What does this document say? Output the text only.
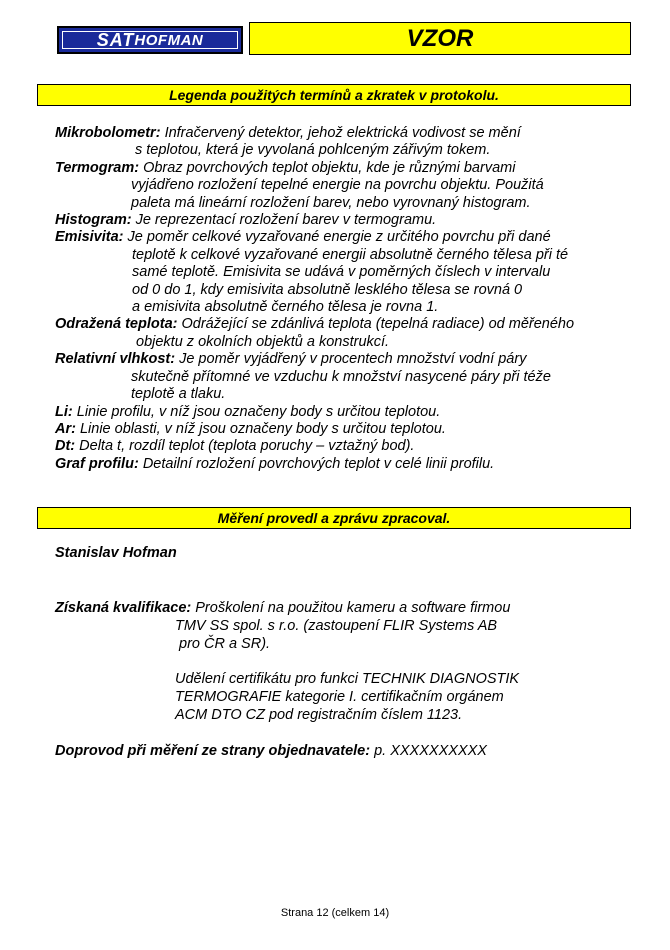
SAT HOFMAN	VZOR
Legenda použitých termínů a zkratek v protokolu.
Mikrobolometr: Infračervený detektor, jehož elektrická vodivost se mění
s teplotou, která je vyvolaná pohlceným zářivým tokem.
Termogram: Obraz povrchových teplot objektu, kde je různými barvami
vyjádřeno rozložení tepelné energie na povrchu objektu. Použitá
paleta má lineární rozložení barev, nebo vyrovnaný histogram.
Histogram: Je reprezentací rozložení barev v termogramu.
Emisivita: Je poměr celkové vyzařované energie z určitého povrchu při dané
teplotě k celkové vyzařované energii absolutně černého tělesa při té
samé teplotě. Emisivita se udává v poměrných číslech v intervalu
od 0 do 1, kdy emisivita absolutně lesklého tělesa se rovná 0
a emisivita absolutně černého tělesa je rovna 1.
Odražená teplota: Odrážející se zdánlivá teplota (tepelná radiace) od měřeného
objektu z okolních objektů a konstrukcí.
Relativní vlhkost: Je poměr vyjádřený v procentech množství vodní páry
skutečně přítomné ve vzduchu k množství nasycené páry při téže
teplotě a tlaku.
Li: Linie profilu, v níž jsou označeny body s určitou teplotou.
Ar: Linie oblasti, v níž jsou označeny body s určitou teplotou.
Dt: Delta t, rozdíl teplot (teplota poruchy – vztažný bod).
Graf profilu: Detailní rozložení povrchových teplot v celé linii profilu.
Měření provedl a zprávu zpracoval.
Stanislav Hofman
Získaná kvalifikace: Proškolení na použitou kameru a software firmou
TMV SS spol. s r.o. (zastoupení FLIR Systems AB
pro ČR a SR).
Udělení certifikátu pro funkci TECHNIK DIAGNOSTIK
TERMOGRAFIE kategorie I. certifikačním orgánem
ACM DTO CZ pod registračním číslem 1123.
Doprovod při měření ze strany objednavatele: p. XXXXXXXXXX
Strana 12 (celkem 14)
